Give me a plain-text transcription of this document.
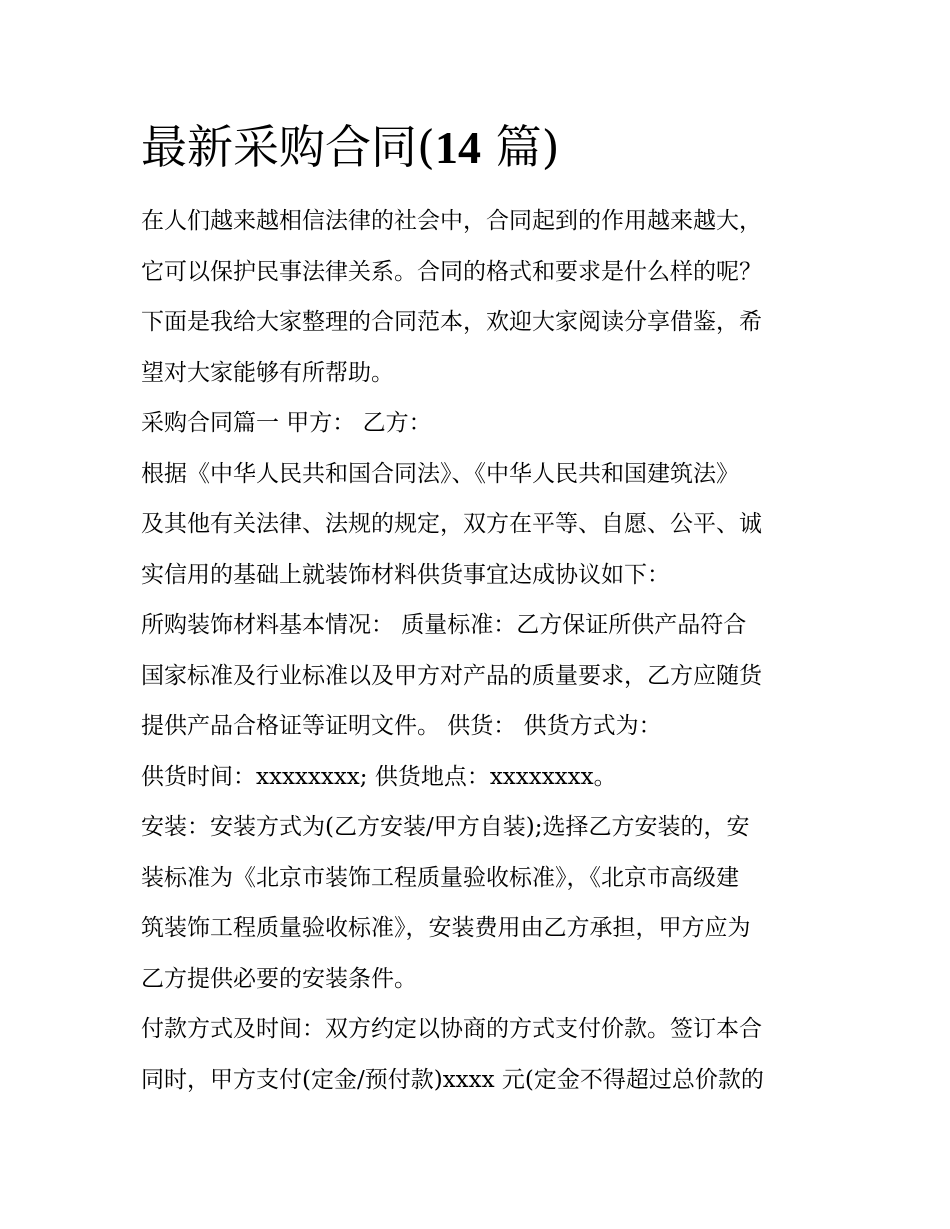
最新采购合同(14 篇)
在人们越来越相信法律的社会中，合同起到的作用越来越大，
它可以保护民事法律关系。合同的格式和要求是什么样的呢？
下面是我给大家整理的合同范本，欢迎大家阅读分享借鉴，希
望对大家能够有所帮助。
采购合同篇一 甲方： 乙方：
根据《中华人民共和国合同法》、《中华人民共和国建筑法》
及其他有关法律、法规的规定，双方在平等、自愿、公平、诚
实信用的基础上就装饰材料供货事宜达成协议如下：
所购装饰材料基本情况： 质量标准：乙方保证所供产品符合
国家标准及行业标准以及甲方对产品的质量要求，乙方应随货
提供产品合格证等证明文件。 供货： 供货方式为：
供货时间：xxxxxxxx; 供货地点：xxxxxxxx。
安装：安装方式为(乙方安装/甲方自装);选择乙方安装的，安
装标准为《北京市装饰工程质量验收标准》，《北京市高级建
筑装饰工程质量验收标准》，安装费用由乙方承担，甲方应为
乙方提供必要的安装条件。
付款方式及时间：双方约定以协商的方式支付价款。签订本合
同时，甲方支付(定金/预付款)xxxx 元(定金不得超过总价款的
